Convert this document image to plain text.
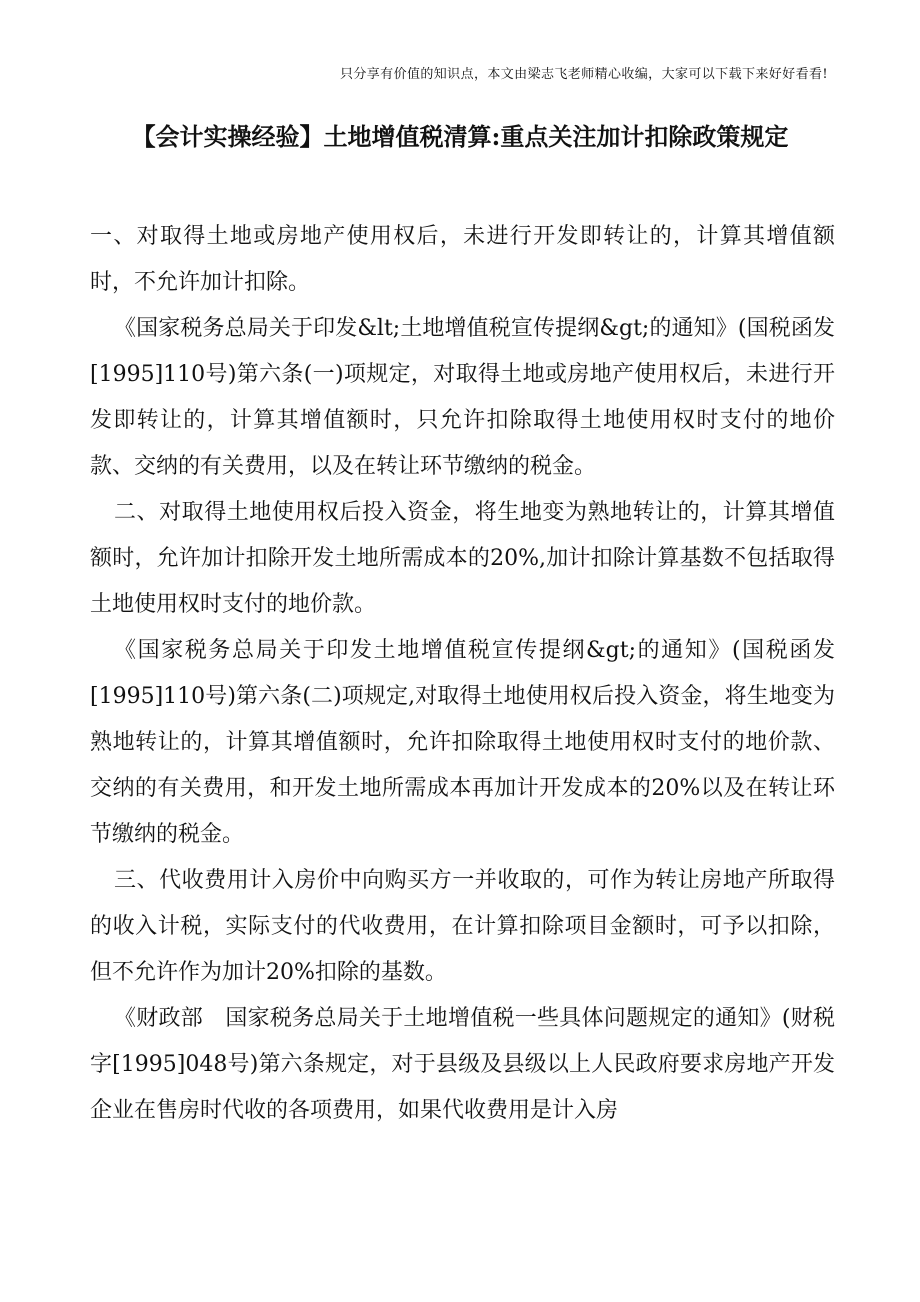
只分享有价值的知识点，本文由梁志飞老师精心收编，大家可以下载下来好好看看!
【会计实操经验】土地增值税清算:重点关注加计扣除政策规定

一、对取得土地或房地产使用权后，未进行开发即转让的，计算其增值额时，不允许加计扣除。

《国家税务总局关于印发&lt;土地增值税宣传提纲&gt;的通知》(国税函发[1995]110号)第六条(一)项规定，对取得土地或房地产使用权后，未进行开发即转让的，计算其增值额时，只允许扣除取得土地使用权时支付的地价款、交纳的有关费用，以及在转让环节缴纳的税金。

二、对取得土地使用权后投入资金，将生地变为熟地转让的，计算其增值额时，允许加计扣除开发土地所需成本的20%,加计扣除计算基数不包括取得土地使用权时支付的地价款。

《国家税务总局关于印发土地增值税宣传提纲&gt;的通知》(国税函发[1995]110号)第六条(二)项规定,对取得土地使用权后投入资金，将生地变为熟地转让的，计算其增值额时，允许扣除取得土地使用权时支付的地价款、交纳的有关费用，和开发土地所需成本再加计开发成本的20%以及在转让环节缴纳的税金。

三、代收费用计入房价中向购买方一并收取的，可作为转让房地产所取得的收入计税，实际支付的代收费用，在计算扣除项目金额时，可予以扣除，但不允许作为加计20%扣除的基数。

《财政部　国家税务总局关于土地增值税一些具体问题规定的通知》(财税字[1995]048号)第六条规定，对于县级及县级以上人民政府要求房地产开发企业在售房时代收的各项费用，如果代收费用是计入房
